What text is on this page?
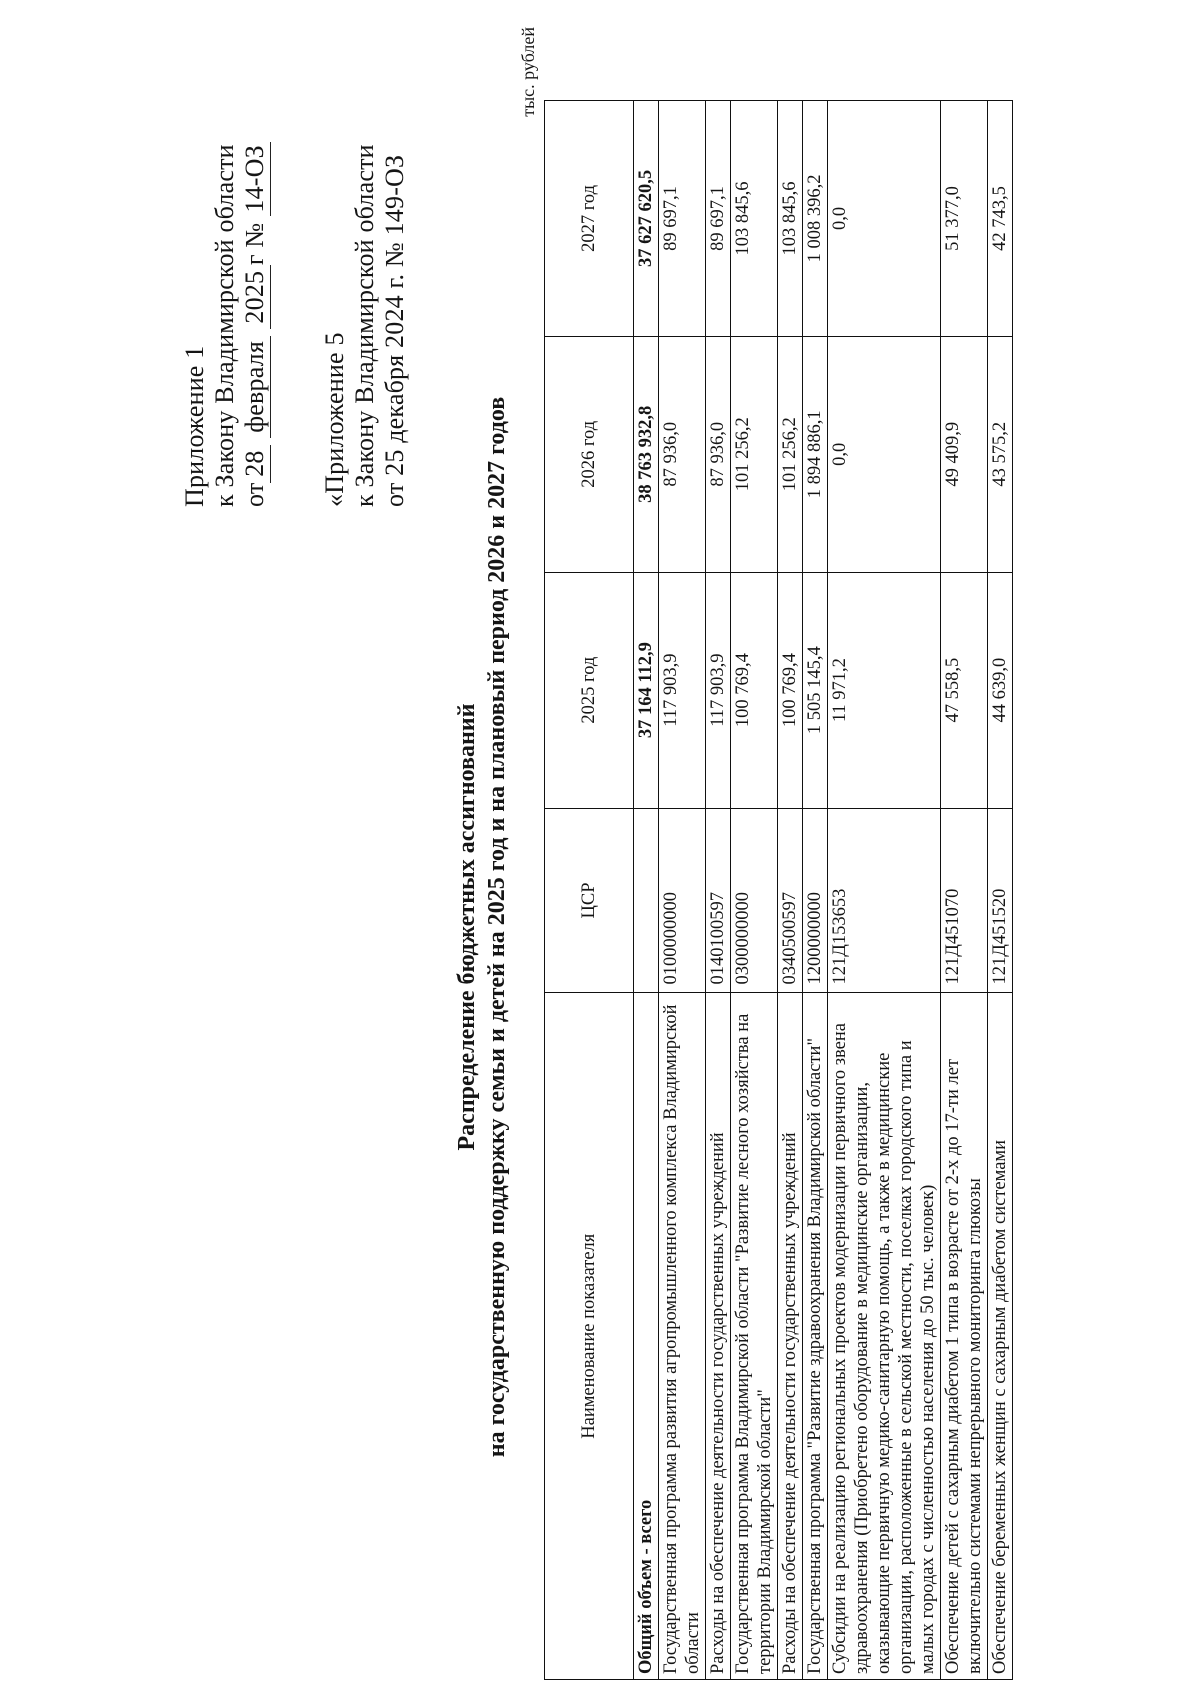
Приложение 1 к Закону Владимирской области от28 февраля 2025г № 14-ОЗ
«Приложение 5 к Закону Владимирской области от 25 декабря 2024 г. № 149-ОЗ
Распределение бюджетных ассигнований на государственную поддержку семьи и детей на 2025 год и на плановый период 2026 и 2027 годов
тыс. рублей
Наименование показателя	ЦСР	2025 год	2026 год	2027 год
Общий объем - всего		37 164 112,9	38 763 932,8	37 627 620,5
Государственная программа развития агропромышленного комплекса Владимирской области	0100000000	117 903,9	87 936,0	89 697,1
Расходы на обеспечение деятельности государственных учреждений	0140100597	117 903,9	87 936,0	89 697,1
Государственная программа Владимирской области "Развитие лесного хозяйства на территории Владимирской области"	0300000000	100 769,4	101 256,2	103 845,6
Расходы на обеспечение деятельности государственных учреждений	0340500597	100 769,4	101 256,2	103 845,6
Государственная программа "Развитие здравоохранения Владимирской области"	1200000000	1 505 145,4	1 894 886,1	1 008 396,2
Субсидии на реализацию региональных проектов модернизации первичного звена здравоохранения (Приобретено оборудование в медицинские организации, оказывающие первичную медико-санитарную помощь, а также в медицинские организации, расположенные в сельской местности, поселках городского типа и малых городах с численностью населения до 50 тыс. человек)	121Д153653	11 971,2	0,0	0,0
Обеспечение детей с сахарным диабетом 1 типа в возрасте от 2-х до 17-ти лет включительно системами непрерывного мониторинга глюкозы	121Д451070	47 558,5	49 409,9	51 377,0
Обеспечение беременных женщин с сахарным диабетом системами	121Д451520	44 639,0	43 575,2	42 743,5
